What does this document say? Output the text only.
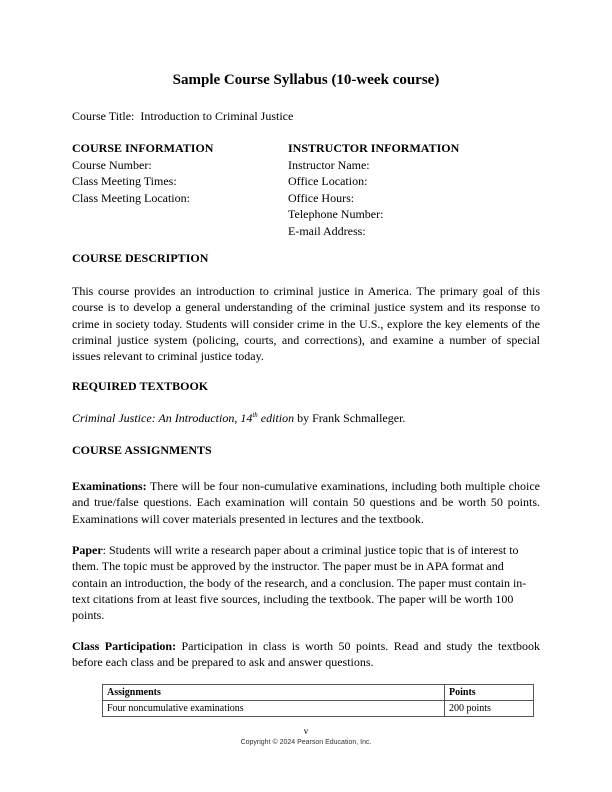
Sample Course Syllabus (10-week course)
Course Title: Introduction to Criminal Justice
COURSE INFORMATION
Course Number:
Class Meeting Times:
Class Meeting Location:
INSTRUCTOR INFORMATION
Instructor Name:
Office Location:
Office Hours:
Telephone Number:
E-mail Address:
COURSE DESCRIPTION
This course provides an introduction to criminal justice in America. The primary goal of this course is to develop a general understanding of the criminal justice system and its response to crime in society today. Students will consider crime in the U.S., explore the key elements of the criminal justice system (policing, courts, and corrections), and examine a number of special issues relevant to criminal justice today.
REQUIRED TEXTBOOK
Criminal Justice: An Introduction, 14th edition by Frank Schmalleger.
COURSE ASSIGNMENTS
Examinations: There will be four non-cumulative examinations, including both multiple choice and true/false questions. Each examination will contain 50 questions and be worth 50 points. Examinations will cover materials presented in lectures and the textbook.
Paper: Students will write a research paper about a criminal justice topic that is of interest to them. The topic must be approved by the instructor. The paper must be in APA format and contain an introduction, the body of the research, and a conclusion. The paper must contain in-text citations from at least five sources, including the textbook. The paper will be worth 100 points.
Class Participation: Participation in class is worth 50 points. Read and study the textbook before each class and be prepared to ask and answer questions.
Assignments	Points
Four noncumulative examinations	200 points
v
Copyright © 2024 Pearson Education, Inc.
